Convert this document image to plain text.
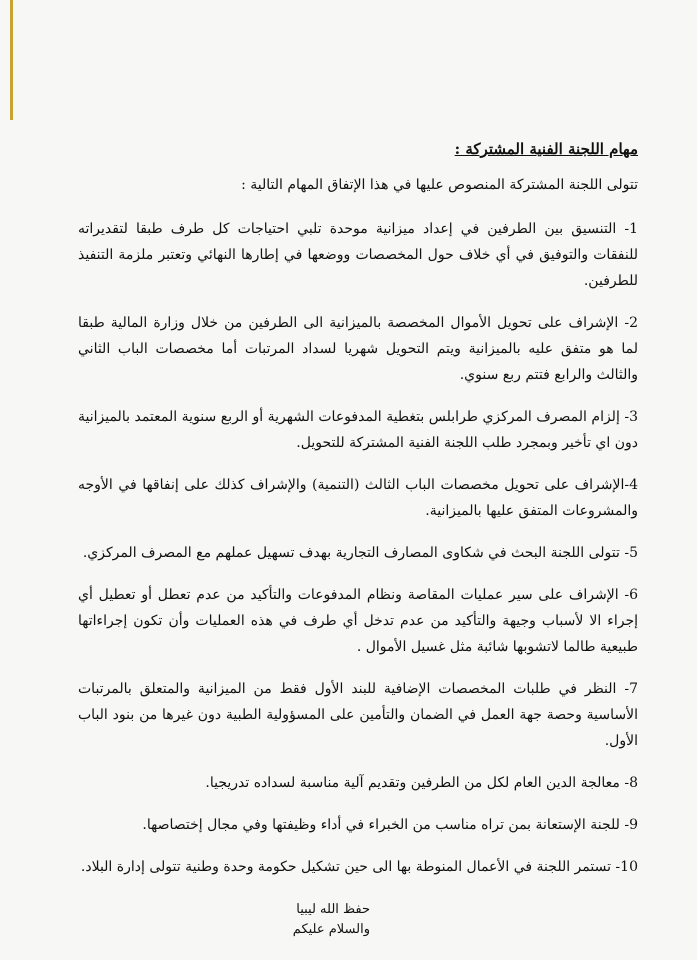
مهام اللجنة الفنية المشتركة :
تتولى اللجنة المشتركة المنصوص عليها في هذا الإتفاق المهام التالية :
1- التنسيق بين الطرفين في إعداد ميزانية موحدة تلبي احتياجات كل طرف طبقا لتقديراته للنفقات والتوفيق في أي خلاف حول المخصصات ووضعها في إطارها النهائي وتعتبر ملزمة التنفيذ للطرفين.
2- الإشراف على تحويل الأموال المخصصة بالميزانية الى الطرفين من خلال وزارة المالية طبقا لما هو متفق عليه بالميزانية ويتم التحويل شهريا لسداد المرتبات أما مخصصات الباب الثاني والثالث والرابع فتتم ربع سنوي.
3- إلزام المصرف المركزي طرابلس بتغطية المدفوعات الشهرية أو الربع سنوية المعتمد بالميزانية دون اي تأخير وبمجرد طلب اللجنة الفنية المشتركة للتحويل.
4-الإشراف على تحويل مخصصات الباب الثالث (التنمية) والإشراف كذلك على إنفاقها في الأوجه والمشروعات المتفق عليها بالميزانية.
5- تتولى اللجنة البحث في شكاوى المصارف التجارية بهدف تسهيل عملهم مع المصرف المركزي.
6- الإشراف على سير عمليات المقاصة ونظام المدفوعات والتأكيد من عدم تعطل أو تعطيل أي إجراء الا لأسباب وجيهة والتأكيد من عدم تدخل أي طرف في هذه العمليات وأن تكون إجراءاتها طبيعية طالما لاتشوبها شائبة مثل غسيل الأموال .
7- النظر في طلبات المخصصات الإضافية للبند الأول فقط من الميزانية والمتعلق بالمرتبات الأساسية وحصة جهة العمل في الضمان والتأمين على المسؤولية الطبية دون غيرها من بنود الباب الأول.
8- معالجة الدين العام لكل من الطرفين وتقديم آلية مناسبة لسداده تدريجيا.
9- للجنة الإستعانة بمن تراه مناسب من الخبراء في أداء وظيفتها وفي مجال إختصاصها.
10- تستمر اللجنة في الأعمال المنوطة بها الى حين تشكيل حكومة وحدة وطنية تتولى إدارة البلاد.
حفظ الله ليبيا
والسلام عليكم
